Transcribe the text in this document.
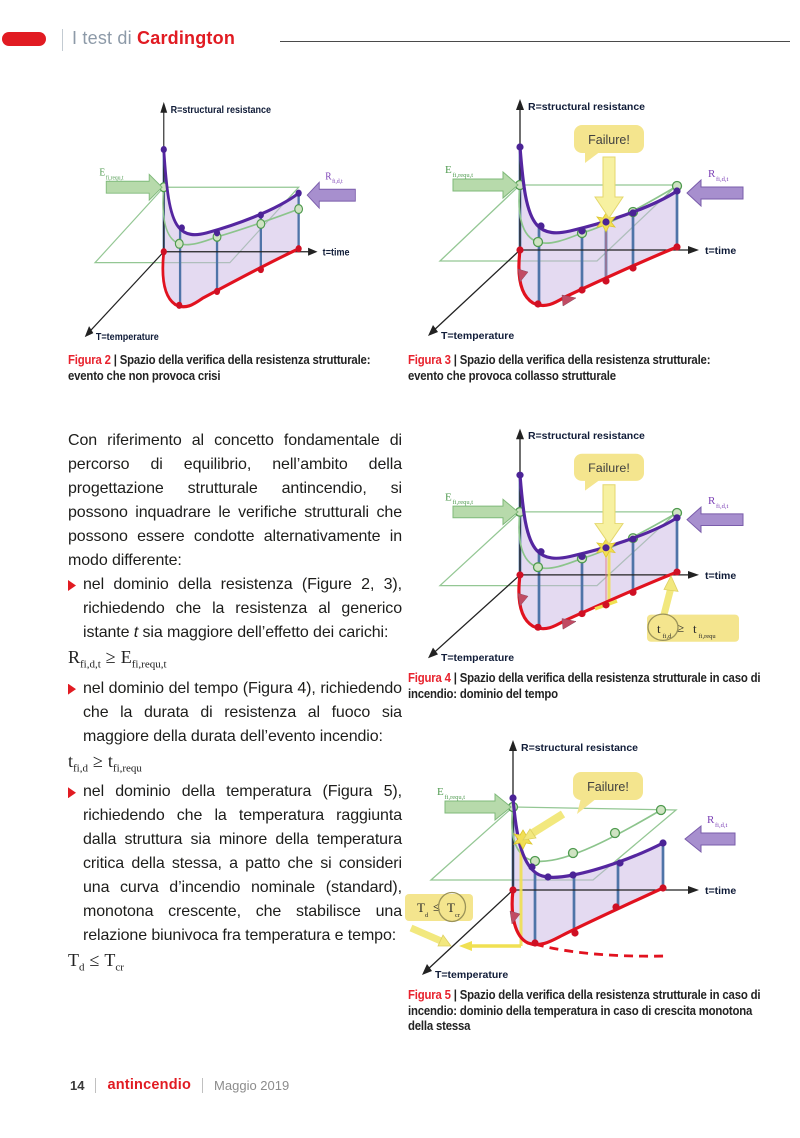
I test di Cardington
R=structural resistance
t=time
T=temperature
E fi,requ,t	R fi,d,t
Figura 2 | Spazio della verifica della resistenza strutturale: evento che non provoca crisi
R=structural resistance
t=time
T=temperature
E fi,requ,t	R fi,d,t
Failure!
Figura 3 | Spazio della verifica della resistenza strutturale: evento che provoca collasso strutturale
R=structural resistance
t=time
T=temperature
E fi,requ,t	R fi,d,t
Failure!
t
fi,d
≥ t
fi,requ
Figura 4 | Spazio della verifica della resistenza strutturale in caso di incendio: dominio del tempo
R=structural resistance
t=time
T=temperature
E fi,requ,t
R fi,d,t
Failure!
T
d
≤ T
cr
Figura 5 | Spazio della verifica della resistenza strutturale in caso di incendio: dominio della temperatura in caso di crescita monotona della stessa

Con riferimento al concetto fondamentale di percorso di equilibrio, nell’ambito della progettazione strutturale antincendio, si possono inquadrare le verifiche strutturali che possono essere condotte alternativamente in modo differente:

nel dominio della resistenza (Figure 2, 3), richiedendo che la resistenza al generico istante t sia maggiore dell’effetto dei carichi:

$R_{fi,d,t} \ge E_{fi,requ,t}$

nel dominio del tempo (Figura 4), richiedendo che la durata di resistenza al fuoco sia maggiore della durata dell’evento incendio:

$t_{fi,d} \ge t_{fi,requ}$

nel dominio della temperatura (Figura 5), richiedendo che la temperatura raggiunta dalla struttura sia minore della temperatura critica della stessa, a patto che si consideri una curva d’incendio nominale (standard), monotona crescente, che stabilisce una relazione biunivoca fra temperatura e tempo:

$T_d \le T_{cr}$

14 antincendio Maggio 2019
